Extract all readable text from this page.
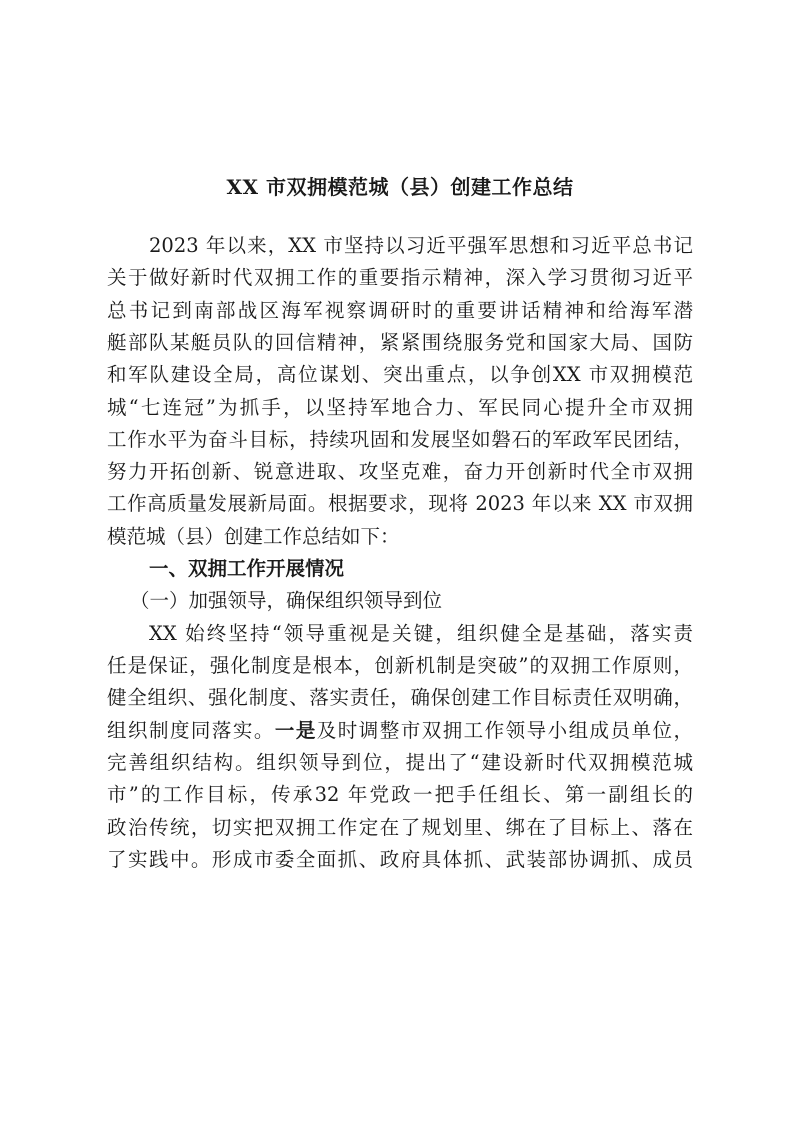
XX 市双拥模范城（县）创建工作总结
2023 年以来，XX 市坚持以习近平强军思想和习近平总书记
关于做好新时代双拥工作的重要指示精神，深入学习贯彻习近平
总书记到南部战区海军视察调研时的重要讲话精神和给海军潜
艇部队某艇员队的回信精神，紧紧围绕服务党和国家大局、国防
和军队建设全局，高位谋划、突出重点，以争创XX 市双拥模范
城“七连冠”为抓手，以坚持军地合力、军民同心提升全市双拥
工作水平为奋斗目标，持续巩固和发展坚如磐石的军政军民团结，
努力开拓创新、锐意进取、攻坚克难，奋力开创新时代全市双拥
工作高质量发展新局面。根据要求，现将 2023 年以来 XX 市双拥
模范城（县）创建工作总结如下：
一、双拥工作开展情况
（一）加强领导，确保组织领导到位
XX 始终坚持“领导重视是关键，组织健全是基础，落实责
任是保证，强化制度是根本，创新机制是突破”的双拥工作原则，
健全组织、强化制度、落实责任，确保创建工作目标责任双明确，
组织制度同落实。一是及时调整市双拥工作领导小组成员单位，
完善组织结构。组织领导到位，提出了“建设新时代双拥模范城
市”的工作目标，传承32 年党政一把手任组长、第一副组长的
政治传统，切实把双拥工作定在了规划里、绑在了目标上、落在
了实践中。形成市委全面抓、政府具体抓、武装部协调抓、成员
